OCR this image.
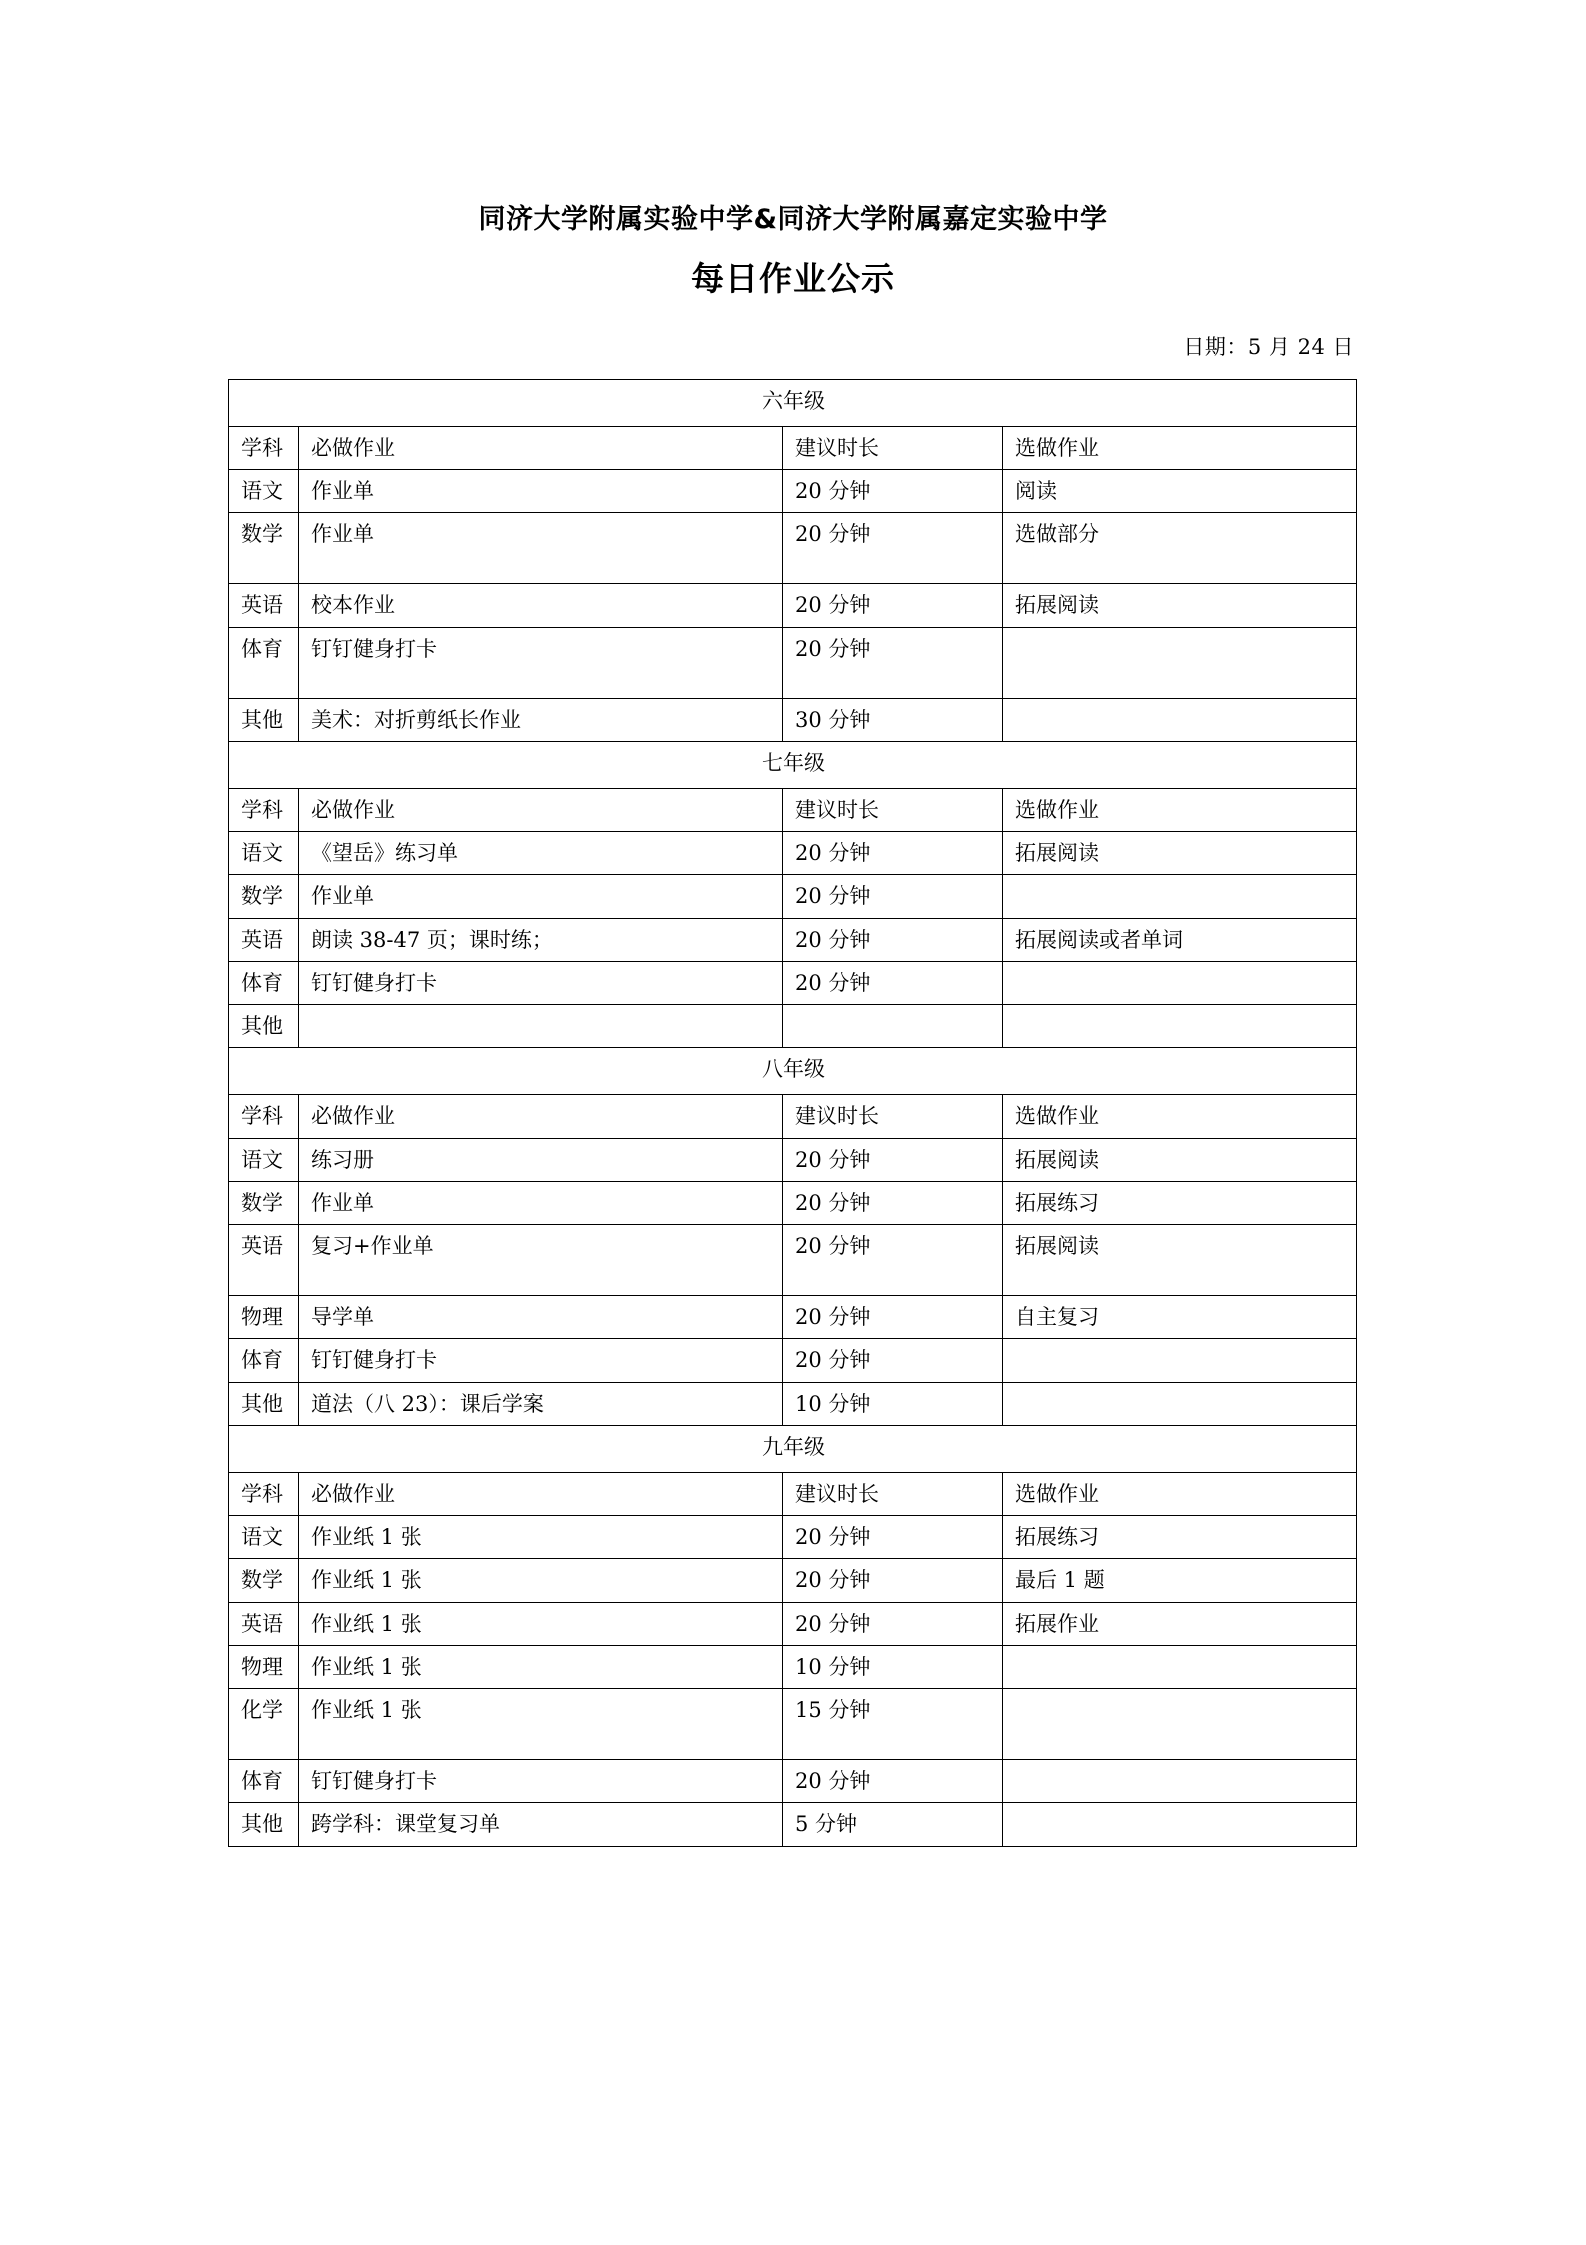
同济大学附属实验中学&同济大学附属嘉定实验中学
每日作业公示
日期：5 月 24 日
六年级			
学科	必做作业	建议时长	选做作业
语文	作业单	20 分钟	阅读
数学	作业单	20 分钟	选做部分
英语	校本作业	20 分钟	拓展阅读
体育	钉钉健身打卡	20 分钟	
其他	美术：对折剪纸长作业	30 分钟	
七年级			
学科	必做作业	建议时长	选做作业
语文	《望岳》练习单	20 分钟	拓展阅读
数学	作业单	20 分钟	
英语	朗读 38-47 页；课时练；	20 分钟	拓展阅读或者单词
体育	钉钉健身打卡	20 分钟	
其他			
八年级			
学科	必做作业	建议时长	选做作业
语文	练习册	20 分钟	拓展阅读
数学	作业单	20 分钟	拓展练习
英语	复习+作业单	20 分钟	拓展阅读
物理	导学单	20 分钟	自主复习
体育	钉钉健身打卡	20 分钟	
其他	道法（八 23）：课后学案	10 分钟	
九年级			
学科	必做作业	建议时长	选做作业
语文	作业纸 1 张	20 分钟	拓展练习
数学	作业纸 1 张	20 分钟	最后 1 题
英语	作业纸 1 张	20 分钟	拓展作业
物理	作业纸 1 张	10 分钟	
化学	作业纸 1 张	15 分钟	
体育	钉钉健身打卡	20 分钟	
其他	跨学科：课堂复习单	5 分钟	
